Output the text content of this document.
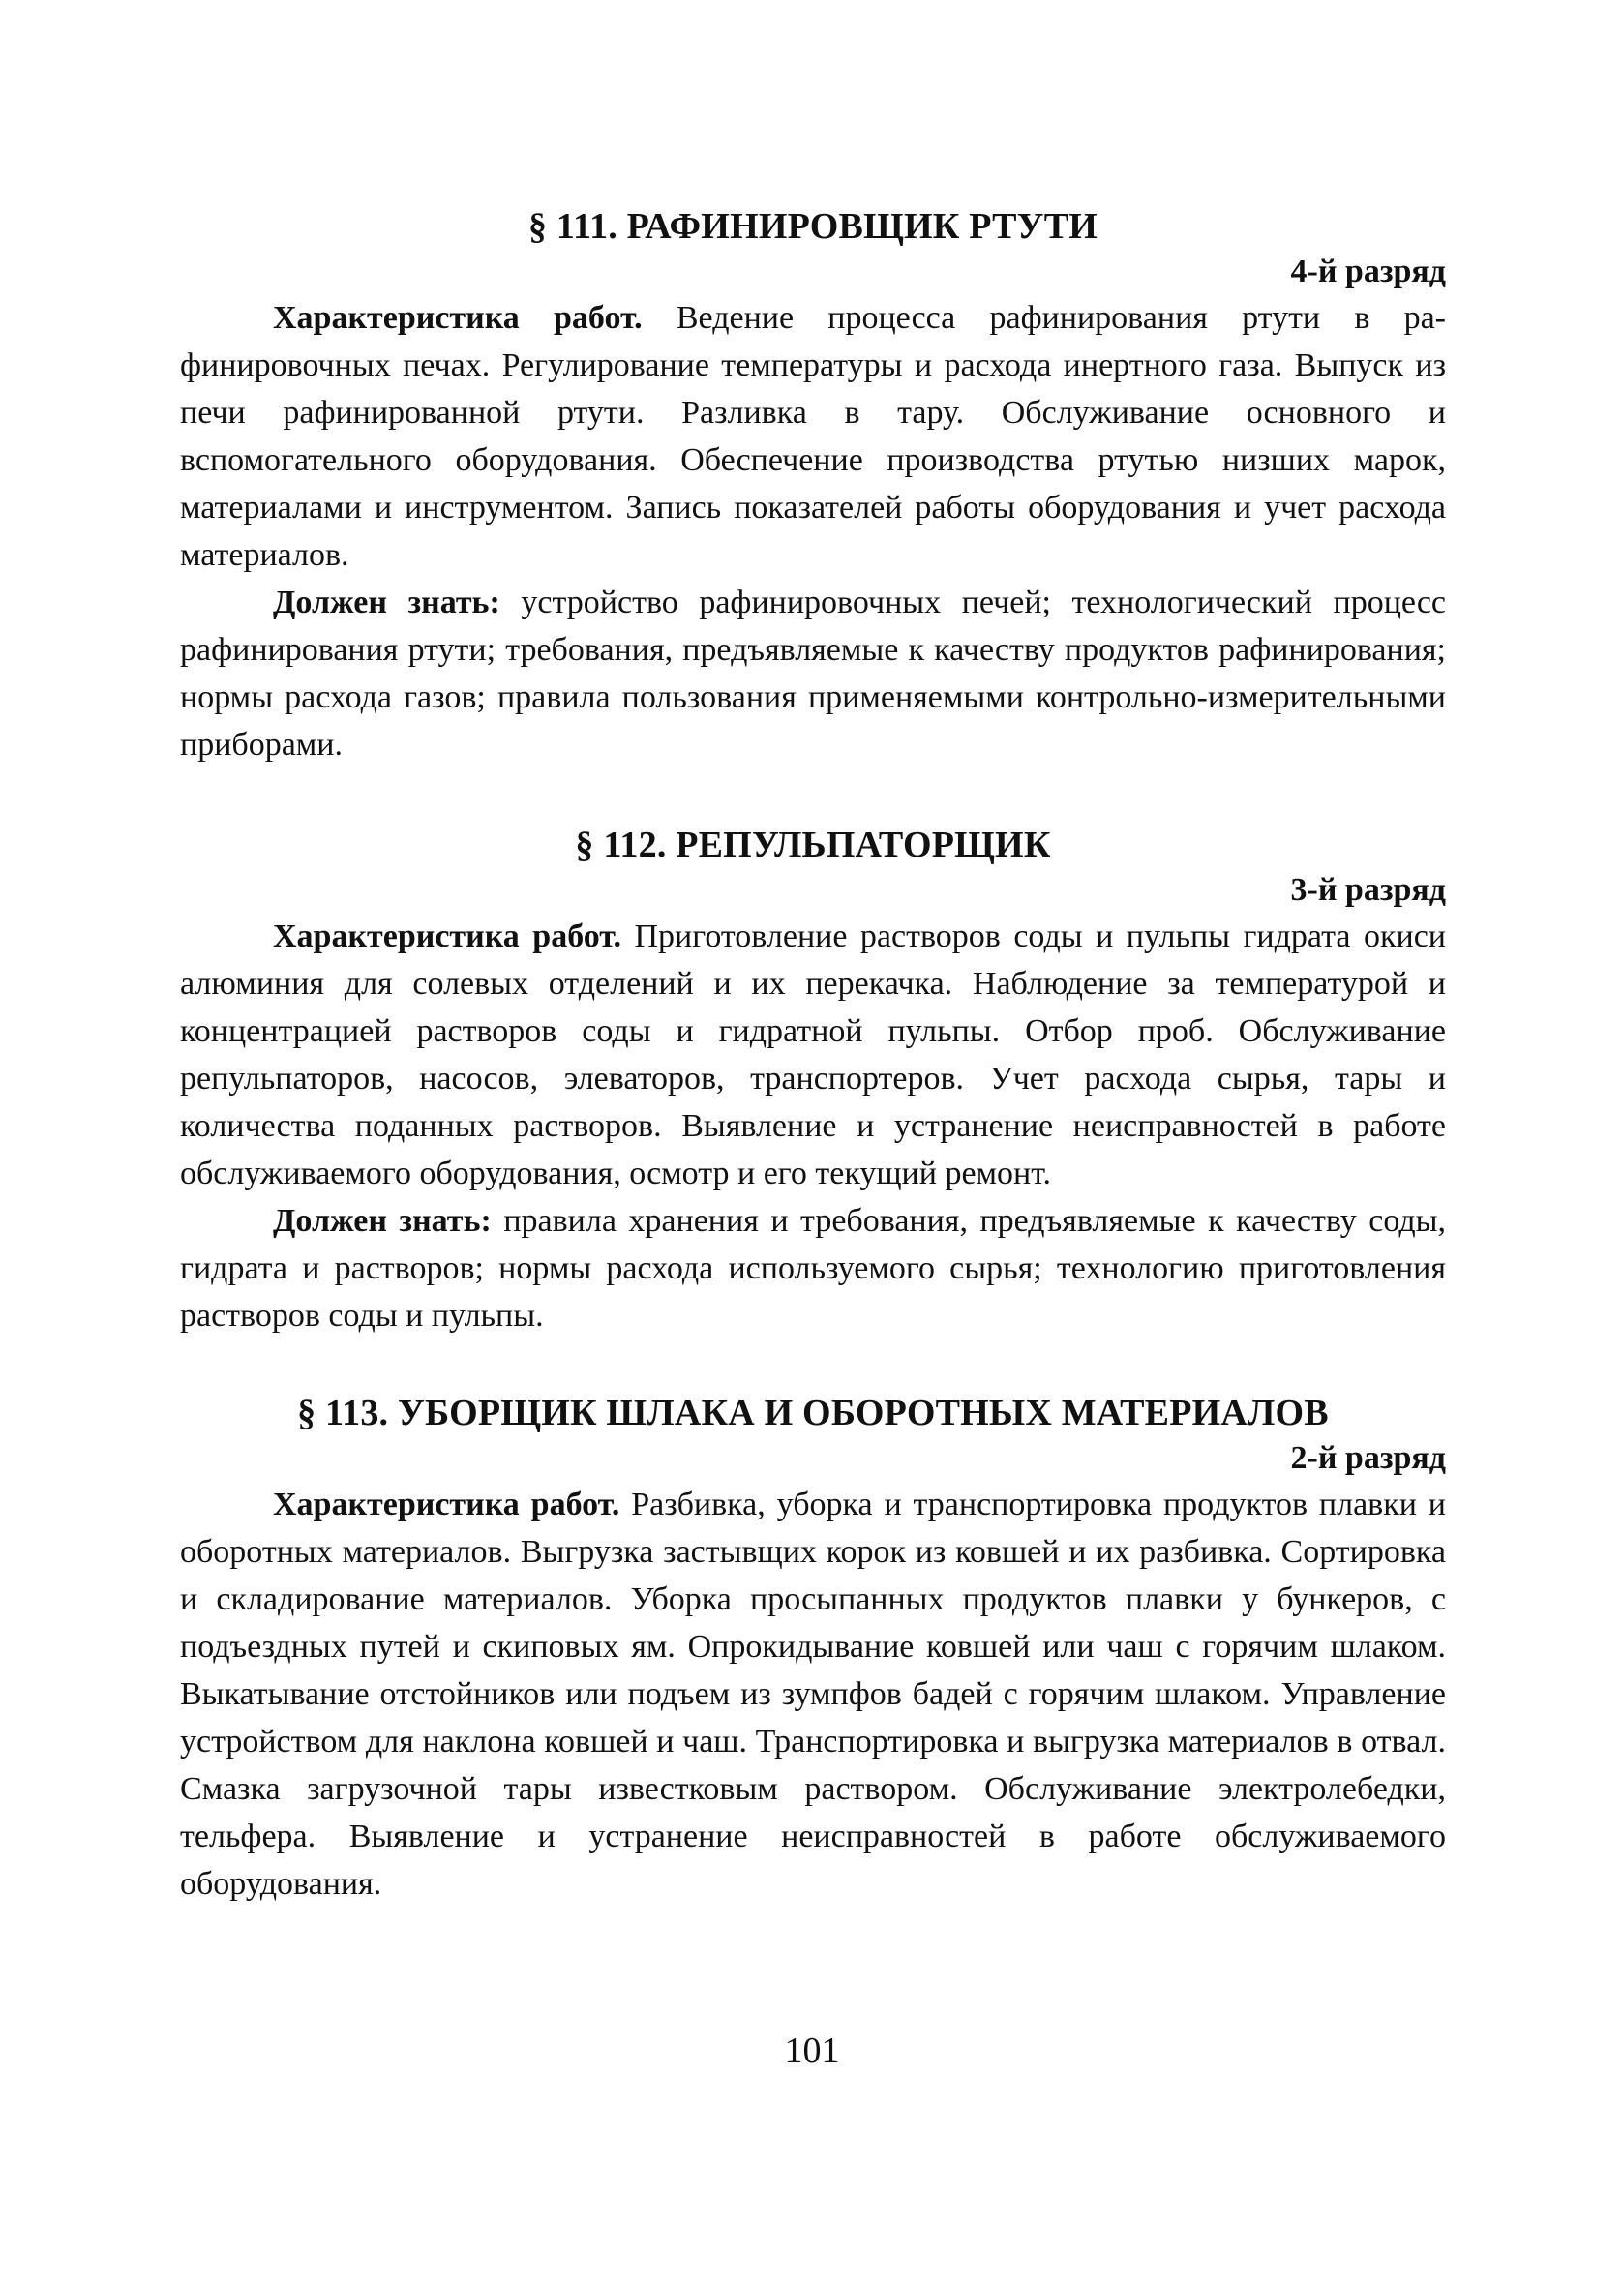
§ 111. РАФИНИРОВЩИК РТУТИ
4-й разряд

Характеристика работ. Ведение процесса рафинирования ртути в рафинировочных печах. Регулирование температуры и расхода инертного газа. Выпуск из печи рафинированной ртути. Разливка в тару. Обслуживание основного и вспомогательного оборудования. Обеспечение производства ртутью низших марок, материалами и инструментом. Запись показателей работы оборудования и учет расхода материалов.

Должен знать: устройство рафинировочных печей; технологический процесс рафинирования ртути; требования, предъявляемые к качеству продуктов рафинирования; нормы расхода газов; правила пользования применяемыми контрольно-измерительными приборами.

§ 112. РЕПУЛЬПАТОРЩИК
3-й разряд

Характеристика работ. Приготовление растворов соды и пульпы гидрата окиси алюминия для солевых отделений и их перекачка. Наблюдение за температурой и концентрацией растворов соды и гидратной пульпы. Отбор проб. Обслуживание репульпаторов, насосов, элеваторов, транспортеров. Учет расхода сырья, тары и количества поданных растворов. Выявление и устранение неисправностей в работе обслуживаемого оборудования, осмотр и его текущий ремонт.

Должен знать: правила хранения и требования, предъявляемые к качеству соды, гидрата и растворов; нормы расхода используемого сырья; технологию приготовления растворов соды и пульпы.

§ 113. УБОРЩИК ШЛАКА И ОБОРОТНЫХ МАТЕРИАЛОВ
2-й разряд

Характеристика работ. Разбивка, уборка и транспортировка продуктов плавки и оборотных материалов. Выгрузка застывщих корок из ковшей и их разбивка. Сортировка и складирование материалов. Уборка просыпанных продуктов плавки у бункеров, с подъездных путей и скиповых ям. Опрокидывание ковшей или чаш с горячим шлаком. Выкатывание отстойников или подъем из зумпфов бадей с горячим шлаком. Управление устройством для наклона ковшей и чаш. Транспортировка и выгрузка материалов в отвал. Смазка загрузочной тары известковым раствором. Обслуживание электролебедки, тельфера. Выявление и устранение неисправностей в работе обслуживаемого оборудования.

101
